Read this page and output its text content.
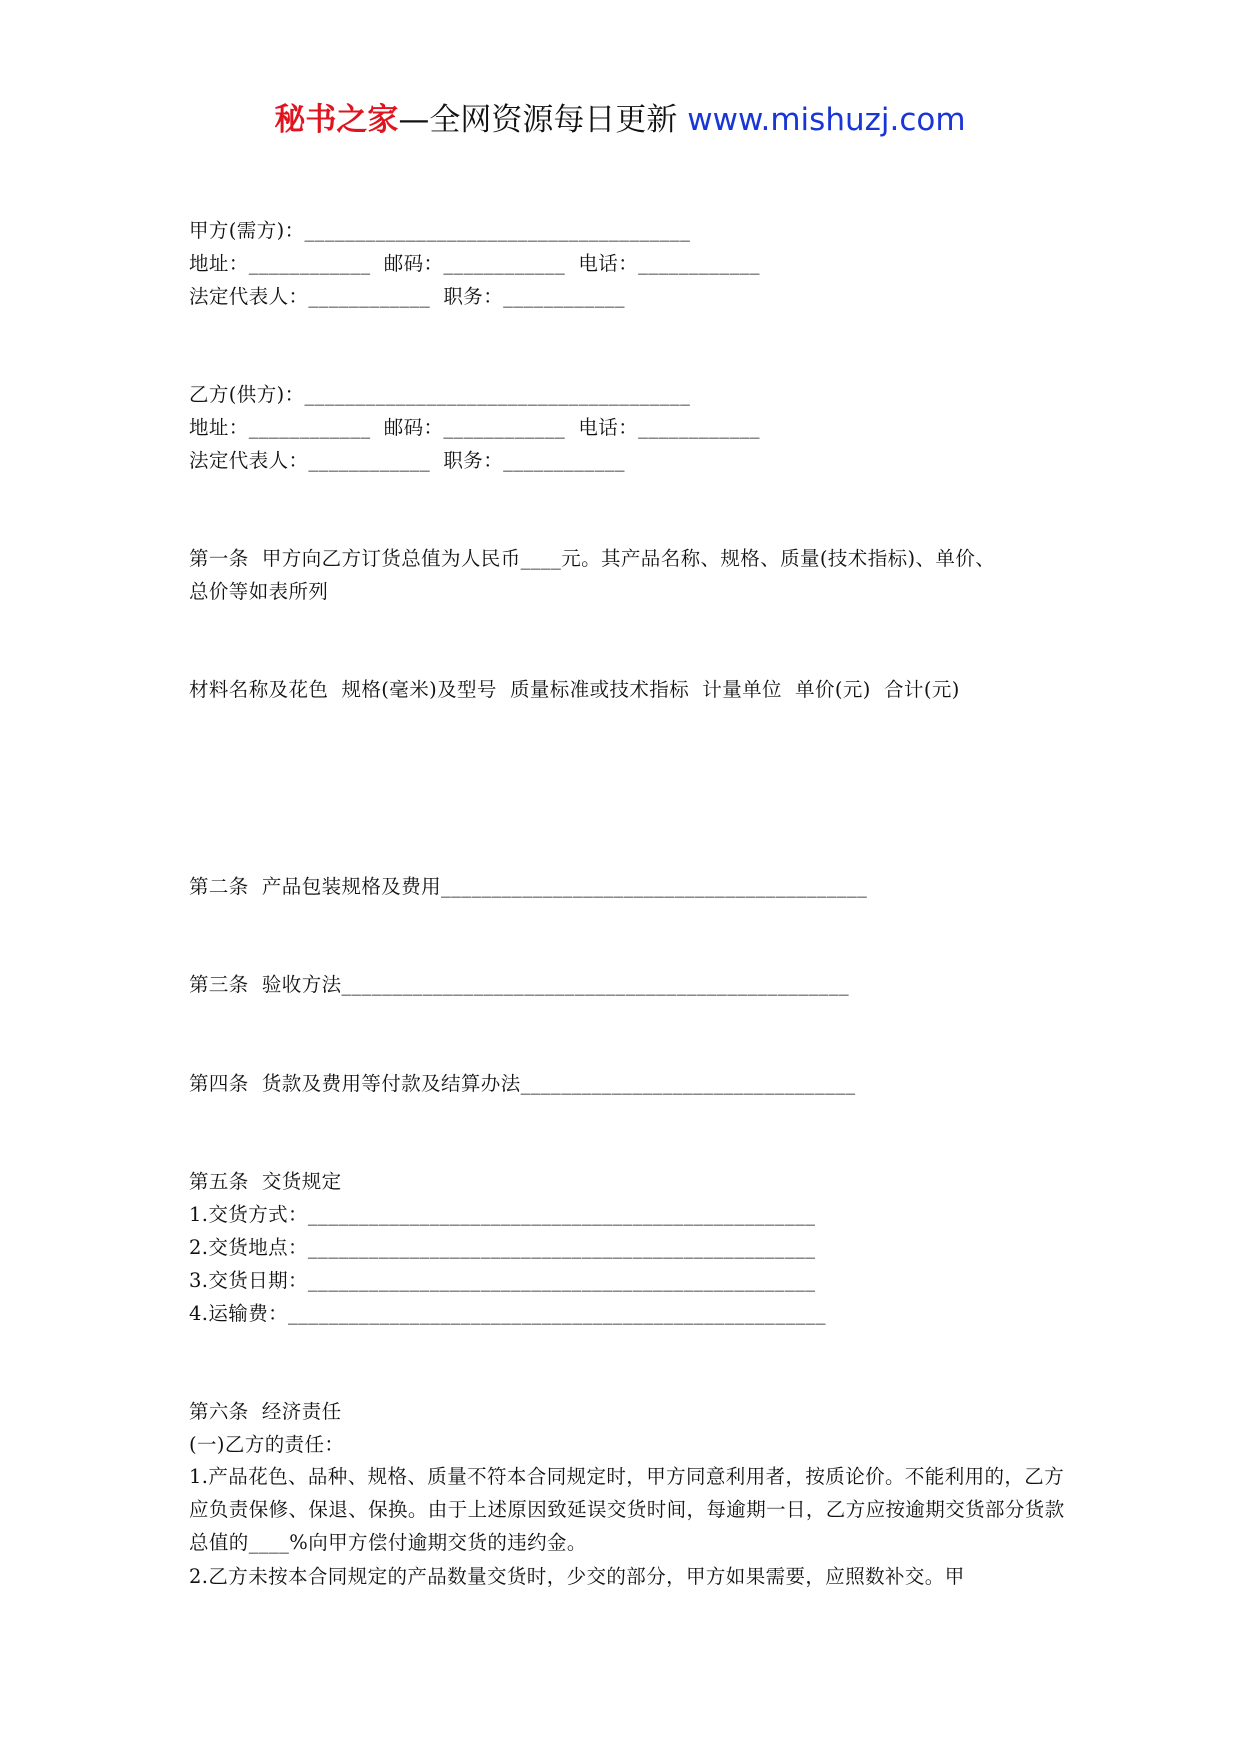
秘书之家—全网资源每日更新 www.mishuzj.com
甲方(需方)：______________________________________
地址：____________  邮码：____________  电话：____________
法定代表人：____________  职务：____________
乙方(供方)：______________________________________
地址：____________  邮码：____________  电话：____________
法定代表人：____________  职务：____________
第一条  甲方向乙方订货总值为人民币____元。其产品名称、规格、质量(技术指标)、单价、
总价等如表所列
材料名称及花色  规格(毫米)及型号  质量标准或技术指标  计量单位  单价(元)  合计(元)
第二条  产品包装规格及费用__________________________________________
第三条  验收方法__________________________________________________
第四条  货款及费用等付款及结算办法_________________________________
第五条  交货规定
1.交货方式：__________________________________________________
2.交货地点：__________________________________________________
3.交货日期：__________________________________________________
4.运输费：_____________________________________________________
第六条  经济责任
(一)乙方的责任：
1.产品花色、品种、规格、质量不符本合同规定时，甲方同意利用者，按质论价。不能利用的，乙方应负责保修、保退、保换。由于上述原因致延误交货时间，每逾期一日，乙方应按逾期交货部分货款总值的____%向甲方偿付逾期交货的违约金。
2.乙方未按本合同规定的产品数量交货时，少交的部分，甲方如果需要，应照数补交。甲
